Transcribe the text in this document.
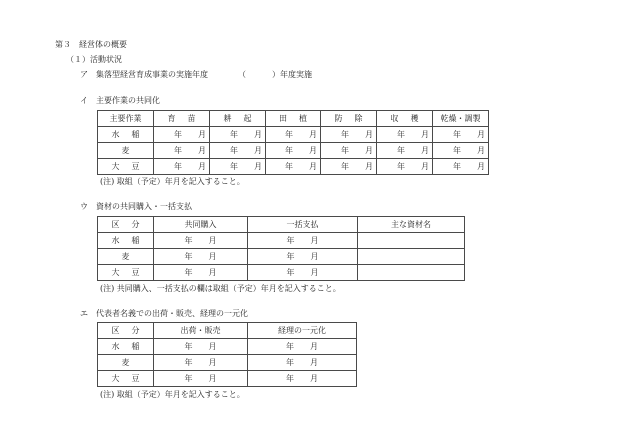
第３　経営体の概要
（１）活動状況
ア　集落型経営育成事業の実施年度	（	）年度実施
イ　主要作業の共同化
主要作業	育　苗	耕　起	田　植	防　除	収　穫	乾燥・調製
水　稲	年　　月	年　　月	年　　月	年　　月	年　　月	年　　月
麦	年　　月	年　　月	年　　月	年　　月	年　　月	年　　月
大　豆	年　　月	年　　月	年　　月	年　　月	年　　月	年　　月
(注) 取組（予定）年月を記入すること。
ウ　資材の共同購入・一括支払
区　分	共同購入	一括支払	主な資材名
水　稲	年　　月	年　　月	
麦	年　　月	年　　月	
大　豆	年　　月	年　　月	
(注) 共同購入、一括支払の欄は取組（予定）年月を記入すること。
エ　代表者名義での出荷・販売、経理の一元化
区　分	出荷・販売	経理の一元化
水　稲	年　　月	年　　月
麦	年　　月	年　　月
大　豆	年　　月	年　　月
(注) 取組（予定）年月を記入すること。
